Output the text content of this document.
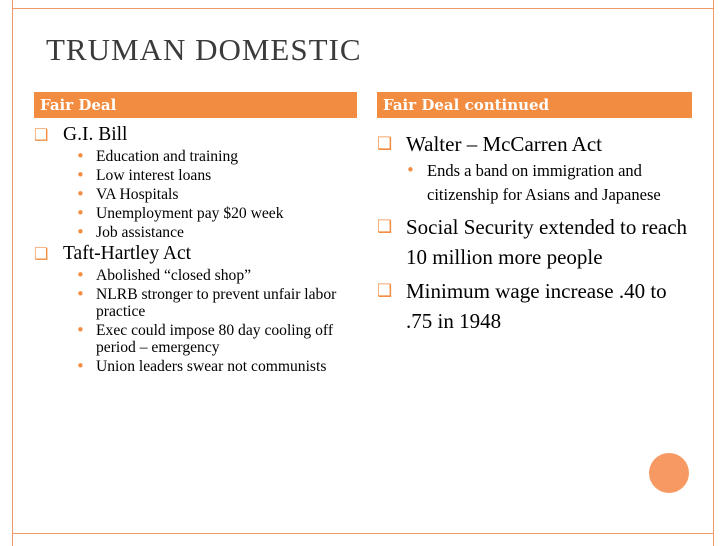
TRUMAN DOMESTIC
Fair Deal	Fair Deal continued
❑ G.I. Bill
• Education and training
• Low interest loans
• VA Hospitals
• Unemployment pay $20 week
• Job assistance
❑ Taft-Hartley Act
• Abolished “closed shop”
• NLRB stronger to prevent unfair labor practice
• Exec could impose 80 day cooling off period – emergency
• Union leaders swear not communists
❑ Walter – McCarren Act
• Ends a band on immigration and citizenship for Asians and Japanese
❑ Social Security extended to reach 10 million more people
❑ Minimum wage increase .40 to .75 in 1948
